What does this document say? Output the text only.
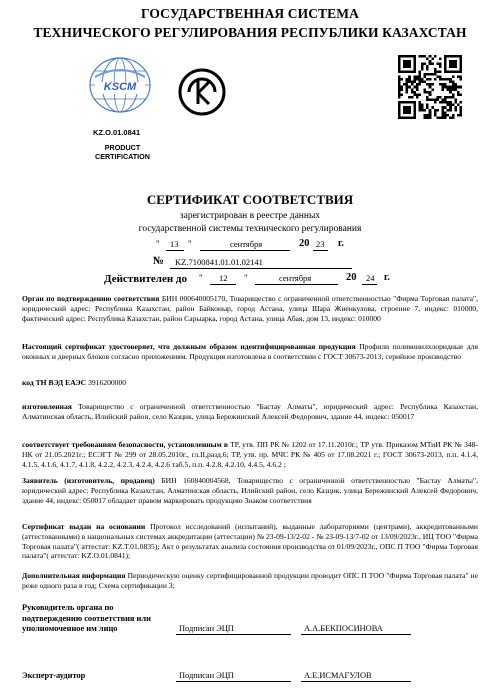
ГОСУДАРСТВЕННАЯ СИСТЕМА
ТЕХНИЧЕСКОГО РЕГУЛИРОВАНИЯ РЕСПУБЛИКИ КАЗАХСТАН
KSCM
KZ.O.01.0841
PRODUCT
CERTIFICATION
СЕРТИФИКАТ СООТВЕТСТВИЯ
зарегистрирован в реестре данных
государственной системы технического регулирования
" 13 "	сентября	20 23 г.
№ KZ.7100841.01.01.02141
Действителен до " 12 "	сентября	20 24 г.
Орган по подтверждению соответствия БИН 000640005170, Товарищество с ограниченной ответственностью "Фирма Торговая палата", юридический адрес: Республика Казахстан, район Байконыр, город Астана, улица Шара Жиенкулова, строение 7, индекс: 010000, фактический адрес: Республика Казахстан, район Сарыарка, город Астана, улица Абая, дом 13, индекс: 010000
Настоящий сертификат удостоверяет, что должным образом идентифицированная продукция Профили поливинилхлоридные для оконных и дверных блоков согласно приложениям. Продукция изготовлена в соответствии с ГОСТ 30673-2013; серийное производство
код ТН ВЭД ЕАЭС 3916200000
изготовленная Товарищество с ограниченной ответственностью "Бастау Алматы", юридический адрес: Республика Казахстан, Алматинская область, Илийский район, село Казцик, улица Бережинский Алексей Федорович, здание 44, индекс: 050017
соответствует требованиям безопасности, установленным в ТР, утв. ПП РК № 1202 от 17.11.2010г.; ТР утв. Приказом МТиИ РК № 348-НК от 21.05.2021г.; ЕСЭГТ № 299 от 28.05.2010г., гл.II,разд.6; ТР, утв. пр. МЧС РК № 405 от 17.08.2021 г.; ГОСТ 30673-2013, п.п. 4.1.4, 4.1.5, 4.1.6, 4.1.7, 4.1.8, 4.2.2, 4.2.3, 4.2.4, 4.2.6 таб.5, п.п. 4.2.8, 4.2.10, 4.4.5, 4.6.2 ;
Заявитель (изготовитель, продавец) БИН 160840004568, Товарищество с ограниченной ответственностью "Бастау Алматы", юридический адрес: Республика Казахстан, Алматинская область, Илийский район, село Казцик, улица Бережинский Алексей Федорович, здание 44, индекс: 050017 обладает правом маркировать продукцию Знаком соответствия
Сертификат выдан на основании Протокол исследований (испытаний), выданные лабораториями (центрами), аккредитованными (аттестованными) в национальных системах аккредитации (аттестации) № 23-09-13/2-02 - № 23-09-13/7-02 от 13/09/2023г., ИЦ ТОО "Фирма Торговая палата"( аттестат: KZ.T.01.0835); Акт о результатах анализа состояния производства от 01/09/2023г., ОПС П ТОО "Фирма Торговая палата"( аттестат: KZ.O.01.0841);
Дополнительная информация Периодическую оценку сертифицированной продукции проводит ОПС П ТОО "Фирма Торговая палата" не реже одного раза в год; Схема сертификации 3;
Руководитель органа по
подтверждению соответствия или
уполномоченное им лицо	Подпиcaн ЭЦП	А.А.БЕКПОСИНОВА
Эксперт-аудитор	Подпиcaн ЭЦП	А.Е.ИСМАГУЛОВ
